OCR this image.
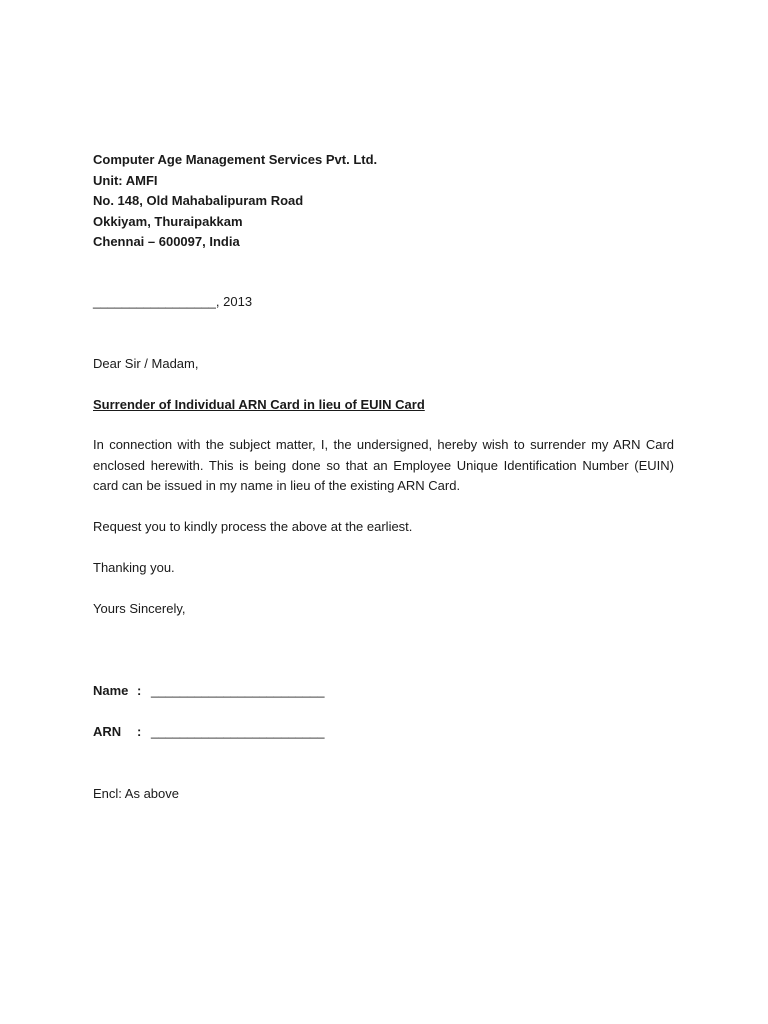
Computer Age Management Services Pvt. Ltd.
Unit: AMFI
No. 148, Old Mahabalipuram Road
Okkiyam, Thuraipakkam
Chennai – 600097, India
_________________, 2013
Dear Sir / Madam,
Surrender of Individual ARN Card in lieu of EUIN Card
In connection with the subject matter, I, the undersigned, hereby wish to surrender my ARN Card enclosed herewith. This is being done so that an Employee Unique Identification Number (EUIN) card can be issued in my name in lieu of the existing ARN Card.
Request you to kindly process the above at the earliest.
Thanking you.
Yours Sincerely,
Name : ________________________
ARN : ________________________
Encl: As above
